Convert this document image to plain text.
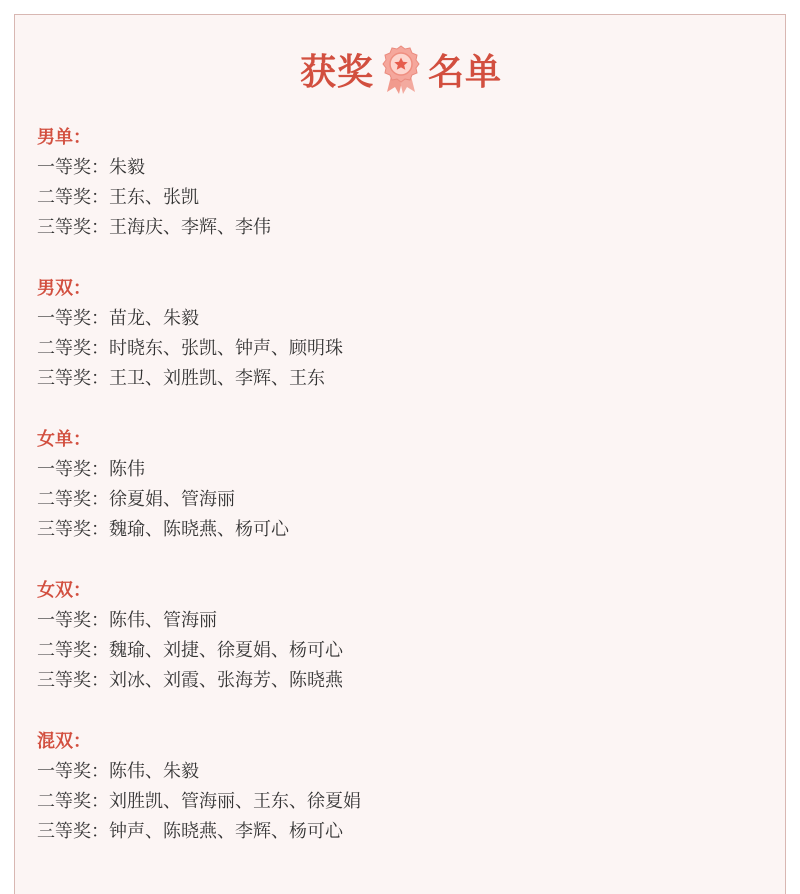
获奖 名单
男单：
一等奖：朱毅
二等奖：王东、张凯
三等奖：王海庆、李辉、李伟
男双：
一等奖：苗龙、朱毅
二等奖：时晓东、张凯、钟声、顾明珠
三等奖：王卫、刘胜凯、李辉、王东
女单：
一等奖：陈伟
二等奖：徐夏娟、管海丽
三等奖：魏瑜、陈晓燕、杨可心
女双：
一等奖：陈伟、管海丽
二等奖：魏瑜、刘捷、徐夏娟、杨可心
三等奖：刘冰、刘霞、张海芳、陈晓燕
混双：
一等奖：陈伟、朱毅
二等奖：刘胜凯、管海丽、王东、徐夏娟
三等奖：钟声、陈晓燕、李辉、杨可心
